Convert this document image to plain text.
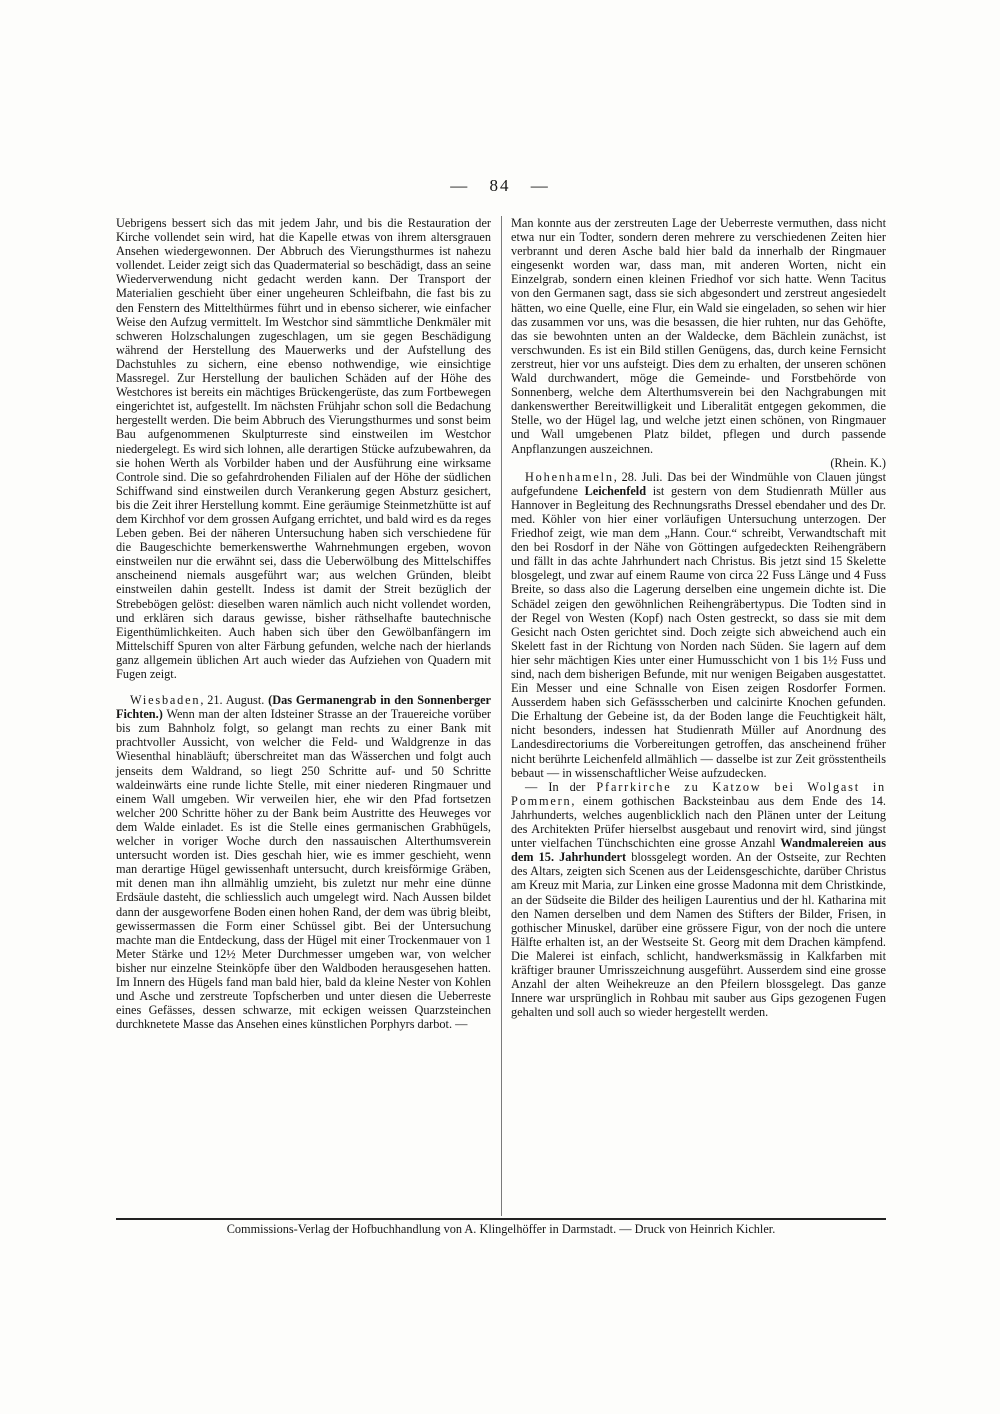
— 84 —

Uebrigens bessert sich das mit jedem Jahr, und bis die Restauration der Kirche vollendet sein wird, hat die Kapelle etwas von ihrem altersgrauen Ansehen wiedergewonnen. Der Abbruch des Vierungsthurmes ist nahezu vollendet. Leider zeigt sich das Quadermaterial so beschädigt, dass an seine Wiederverwendung nicht gedacht werden kann. Der Transport der Materialien geschieht über einer ungeheuren Schleifbahn, die fast bis zu den Fenstern des Mittelthürmes führt und in ebenso sicherer, wie einfacher Weise den Aufzug vermittelt. Im Westchor sind sämmtliche Denkmäler mit schweren Holzschalungen zugeschlagen, um sie gegen Beschädigung während der Herstellung des Mauerwerks und der Aufstellung des Dachstuhles zu sichern, eine ebenso nothwendige, wie einsichtige Massregel. Zur Herstellung der baulichen Schäden auf der Höhe des Westchores ist bereits ein mächtiges Brückengerüste, das zum Fortbewegen eingerichtet ist, aufgestellt. Im nächsten Frühjahr schon soll die Bedachung hergestellt werden. Die beim Abbruch des Vierungsthurmes und sonst beim Bau aufgenommenen Skulpturreste sind einstweilen im Westchor niedergelegt. Es wird sich lohnen, alle derartigen Stücke aufzubewahren, da sie hohen Werth als Vorbilder haben und der Ausführung eine wirksame Controle sind. Die so gefahrdrohenden Filialen auf der Höhe der südlichen Schiffwand sind einstweilen durch Verankerung gegen Absturz gesichert, bis die Zeit ihrer Herstellung kommt. Eine geräumige Steinmetzhütte ist auf dem Kirchhof vor dem grossen Aufgang errichtet, und bald wird es da reges Leben geben. Bei der näheren Untersuchung haben sich verschiedene für die Baugeschichte bemerkenswerthe Wahrnehmungen ergeben, wovon einstweilen nur die erwähnt sei, dass die Ueberwölbung des Mittelschiffes anscheinend niemals ausgeführt war; aus welchen Gründen, bleibt einstweilen dahin gestellt. Indess ist damit der Streit bezüglich der Strebebögen gelöst: dieselben waren nämlich auch nicht vollendet worden, und erklären sich daraus gewisse, bisher räthselhafte bautechnische Eigenthümlichkeiten. Auch haben sich über den Gewölbanfängern im Mittelschiff Spuren von alter Färbung gefunden, welche nach der hierlands ganz allgemein üblichen Art auch wieder das Aufziehen von Quadern mit Fugen zeigt.

Wiesbaden, 21. August. (Das Germanengrab in den Sonnenberger Fichten.) Wenn man der alten Idsteiner Strasse an der Trauereiche vorüber bis zum Bahnholz folgt, so gelangt man rechts zu einer Bank mit prachtvoller Aussicht, von welcher die Feld- und Waldgrenze in das Wiesenthal hinabläuft; überschreitet man das Wässerchen und folgt auch jenseits dem Waldrand, so liegt 250 Schritte auf- und 50 Schritte waldeinwärts eine runde lichte Stelle, mit einer niederen Ringmauer und einem Wall umgeben. Wir verweilen hier, ehe wir den Pfad fortsetzen welcher 200 Schritte höher zu der Bank beim Austritte des Heuweges vor dem Walde einladet. Es ist die Stelle eines germanischen Grabhügels, welcher in voriger Woche durch den nassauischen Alterthumsverein untersucht worden ist. Dies geschah hier, wie es immer geschieht, wenn man derartige Hügel gewissenhaft untersucht, durch kreisförmige Gräben, mit denen man ihn allmählig umzieht, bis zuletzt nur mehr eine dünne Erdsäule dasteht, die schliesslich auch umgelegt wird. Nach Aussen bildet dann der ausgeworfene Boden einen hohen Rand, der dem was übrig bleibt, gewissermassen die Form einer Schüssel gibt. Bei der Untersuchung machte man die Entdeckung, dass der Hügel mit einer Trockenmauer von 1 Meter Stärke und 12½ Meter Durchmesser umgeben war, von welcher bisher nur einzelne Steinköpfe über den Waldboden herausgesehen hatten. Im Innern des Hügels fand man bald hier, bald da kleine Nester von Kohlen und Asche und zerstreute Topfscherben und unter diesen die Ueberreste eines Gefässes, dessen schwarze, mit eckigen weissen Quarzsteinchen durchknetete Masse das Ansehen eines künstlichen Porphyrs darbot. —

Man konnte aus der zerstreuten Lage der Ueberreste vermuthen, dass nicht etwa nur ein Todter, sondern deren mehrere zu verschiedenen Zeiten hier verbrannt und deren Asche bald hier bald da innerhalb der Ringmauer eingesenkt worden war, dass man, mit anderen Worten, nicht ein Einzelgrab, sondern einen kleinen Friedhof vor sich hatte. Wenn Tacitus von den Germanen sagt, dass sie sich abgesondert und zerstreut angesiedelt hätten, wo eine Quelle, eine Flur, ein Wald sie eingeladen, so sehen wir hier das zusammen vor uns, was die besassen, die hier ruhten, nur das Gehöfte, das sie bewohnten unten an der Waldecke, dem Bächlein zunächst, ist verschwunden. Es ist ein Bild stillen Genügens, das, durch keine Fernsicht zerstreut, hier vor uns aufsteigt. Dies dem zu erhalten, der unseren schönen Wald durchwandert, möge die Gemeinde- und Forstbehörde von Sonnenberg, welche dem Alterthumsverein bei den Nachgrabungen mit dankenswerther Bereitwilligkeit und Liberalität entgegen gekommen, die Stelle, wo der Hügel lag, und welche jetzt einen schönen, von Ringmauer und Wall umgebenen Platz bildet, pflegen und durch passende Anpflanzungen auszeichnen.

(Rhein. K.)

Hohenhameln, 28. Juli. Das bei der Windmühle von Clauen jüngst aufgefundene Leichenfeld ist gestern von dem Studienrath Müller aus Hannover in Begleitung des Rechnungsraths Dressel ebendaher und des Dr. med. Köhler von hier einer vorläufigen Untersuchung unterzogen. Der Friedhof zeigt, wie man dem „Hann. Cour.“ schreibt, Verwandtschaft mit den bei Rosdorf in der Nähe von Göttingen aufgedeckten Reihengräbern und fällt in das achte Jahrhundert nach Christus. Bis jetzt sind 15 Skelette blosgelegt, und zwar auf einem Raume von circa 22 Fuss Länge und 4 Fuss Breite, so dass also die Lagerung derselben eine ungemein dichte ist. Die Schädel zeigen den gewöhnlichen Reihengräbertypus. Die Todten sind in der Regel von Westen (Kopf) nach Osten gestreckt, so dass sie mit dem Gesicht nach Osten gerichtet sind. Doch zeigte sich abweichend auch ein Skelett fast in der Richtung von Norden nach Süden. Sie lagern auf dem hier sehr mächtigen Kies unter einer Humusschicht von 1 bis 1½ Fuss und sind, nach dem bisherigen Befunde, mit nur wenigen Beigaben ausgestattet. Ein Messer und eine Schnalle von Eisen zeigen Rosdorfer Formen. Ausserdem haben sich Gefässscherben und calcinirte Knochen gefunden. Die Erhaltung der Gebeine ist, da der Boden lange die Feuchtigkeit hält, nicht besonders, indessen hat Studienrath Müller auf Anordnung des Landesdirectoriums die Vorbereitungen getroffen, das anscheinend früher nicht berührte Leichenfeld allmählich — dasselbe ist zur Zeit grösstentheils bebaut — in wissenschaftlicher Weise aufzudecken.

— In der Pfarrkirche zu Katzow bei Wolgast in Pommern, einem gothischen Backsteinbau aus dem Ende des 14. Jahrhunderts, welches augenblicklich nach den Plänen unter der Leitung des Architekten Prüfer hierselbst ausgebaut und renovirt wird, sind jüngst unter vielfachen Tünchschichten eine grosse Anzahl Wandmalereien aus dem 15. Jahrhundert blossgelegt worden. An der Ostseite, zur Rechten des Altars, zeigten sich Scenen aus der Leidensgeschichte, darüber Christus am Kreuz mit Maria, zur Linken eine grosse Madonna mit dem Christkinde, an der Südseite die Bilder des heiligen Laurentius und der hl. Katharina mit den Namen derselben und dem Namen des Stifters der Bilder, Frisen, in gothischer Minuskel, darüber eine grössere Figur, von der noch die untere Hälfte erhalten ist, an der Westseite St. Georg mit dem Drachen kämpfend. Die Malerei ist einfach, schlicht, handwerksmässig in Kalkfarben mit kräftiger brauner Umrisszeichnung ausgeführt. Ausserdem sind eine grosse Anzahl der alten Weihekreuze an den Pfeilern blossgelegt. Das ganze Innere war ursprünglich in Rohbau mit sauber aus Gips gezogenen Fugen gehalten und soll auch so wieder hergestellt werden.

Commissions-Verlag der Hofbuchhandlung von A. Klingelhöffer in Darmstadt. — Druck von Heinrich Kichler.
